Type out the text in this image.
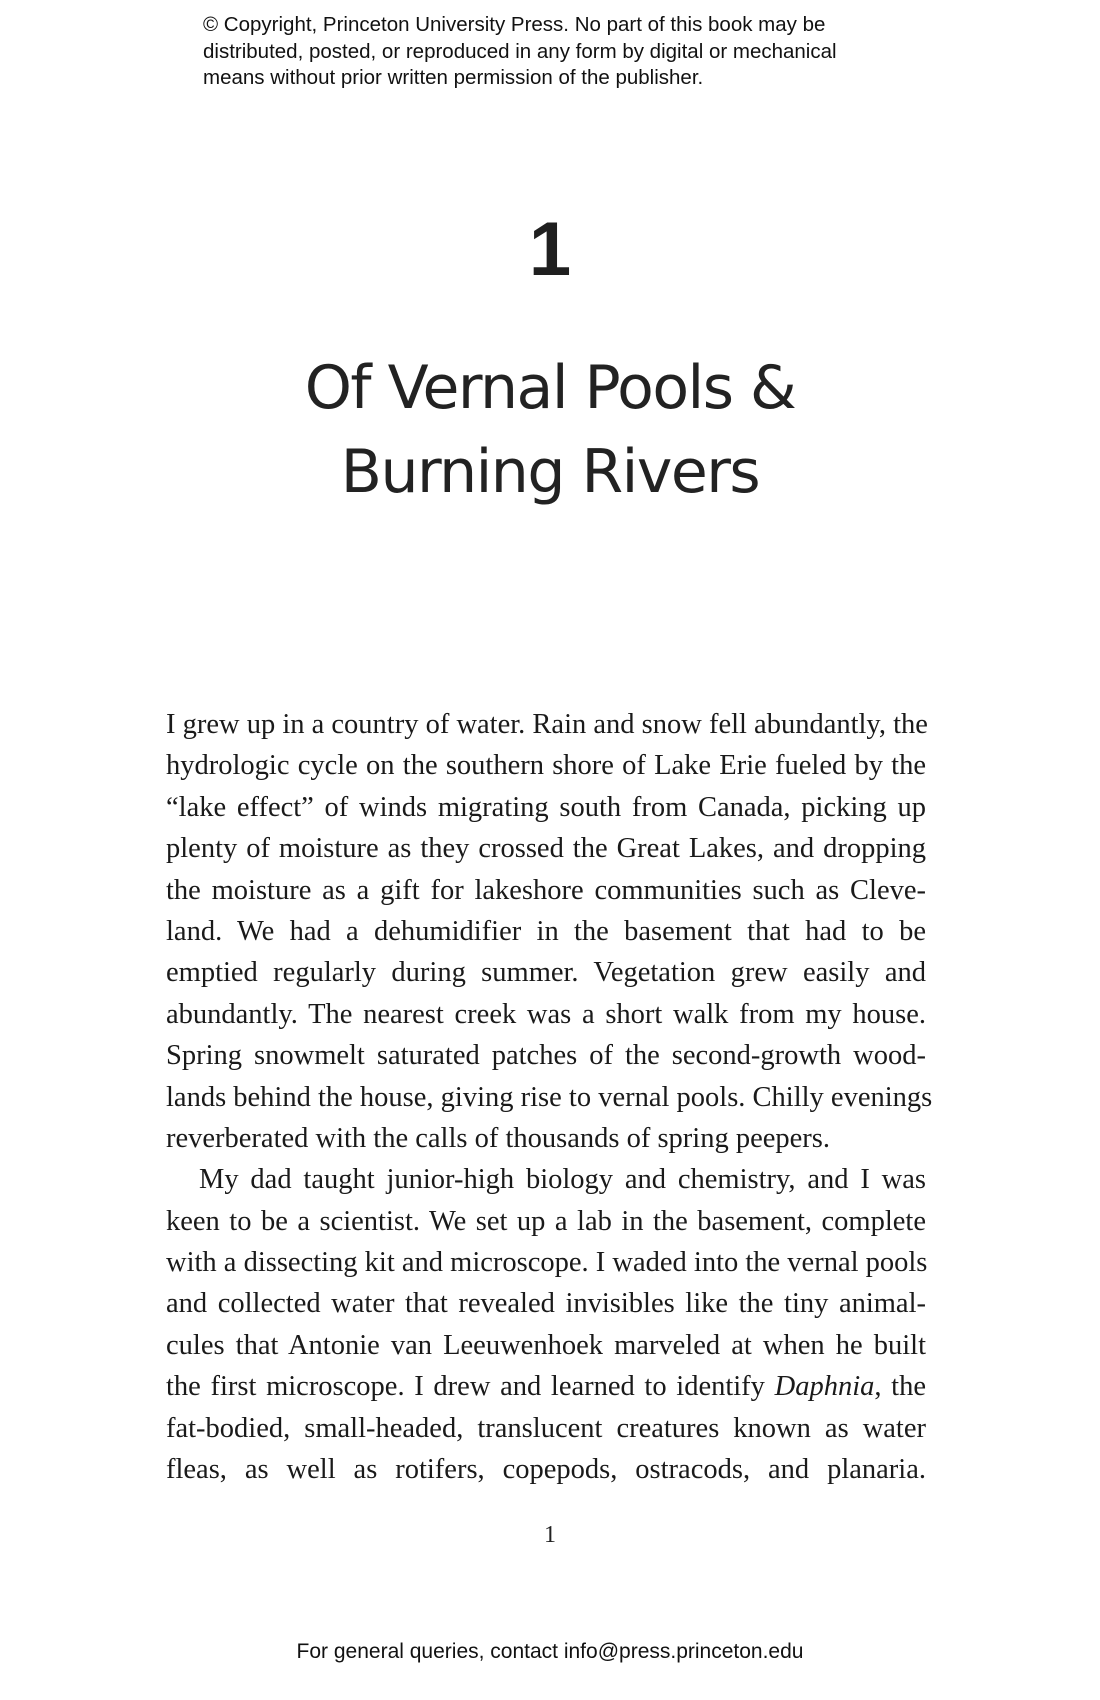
© Copyright, Princeton University Press. No part of this book may be
distributed, posted, or reproduced in any form by digital or mechanical
means without prior written permission of the publisher.
1
Of Vernal Pools &
Burning Rivers
I grew up in a country of water. Rain and snow fell abundantly, the
hydrologic cycle on the southern shore of Lake Erie fueled by the
“lake effect” of winds migrating south from Canada, picking up
plenty of moisture as they crossed the Great Lakes, and dropping
the moisture as a gift for lakeshore communities such as Cleve-
land. We had a dehumidifier in the basement that had to be
emptied regularly during summer. Vegetation grew easily and
abundantly. The nearest creek was a short walk from my house.
Spring snowmelt saturated patches of the second-growth wood-
lands behind the house, giving rise to vernal pools. Chilly evenings
reverberated with the calls of thousands of spring peepers.
My dad taught junior-high biology and chemistry, and I was
keen to be a scientist. We set up a lab in the basement, complete
with a dissecting kit and microscope. I waded into the vernal pools
and collected water that revealed invisibles like the tiny animal-
cules that Antonie van Leeuwenhoek marveled at when he built
the first microscope. I drew and learned to identify Daphnia, the
fat-bodied, small-headed, translucent creatures known as water
fleas, as well as rotifers, copepods, ostracods, and planaria.
1
For general queries, contact info@press.princeton.edu
